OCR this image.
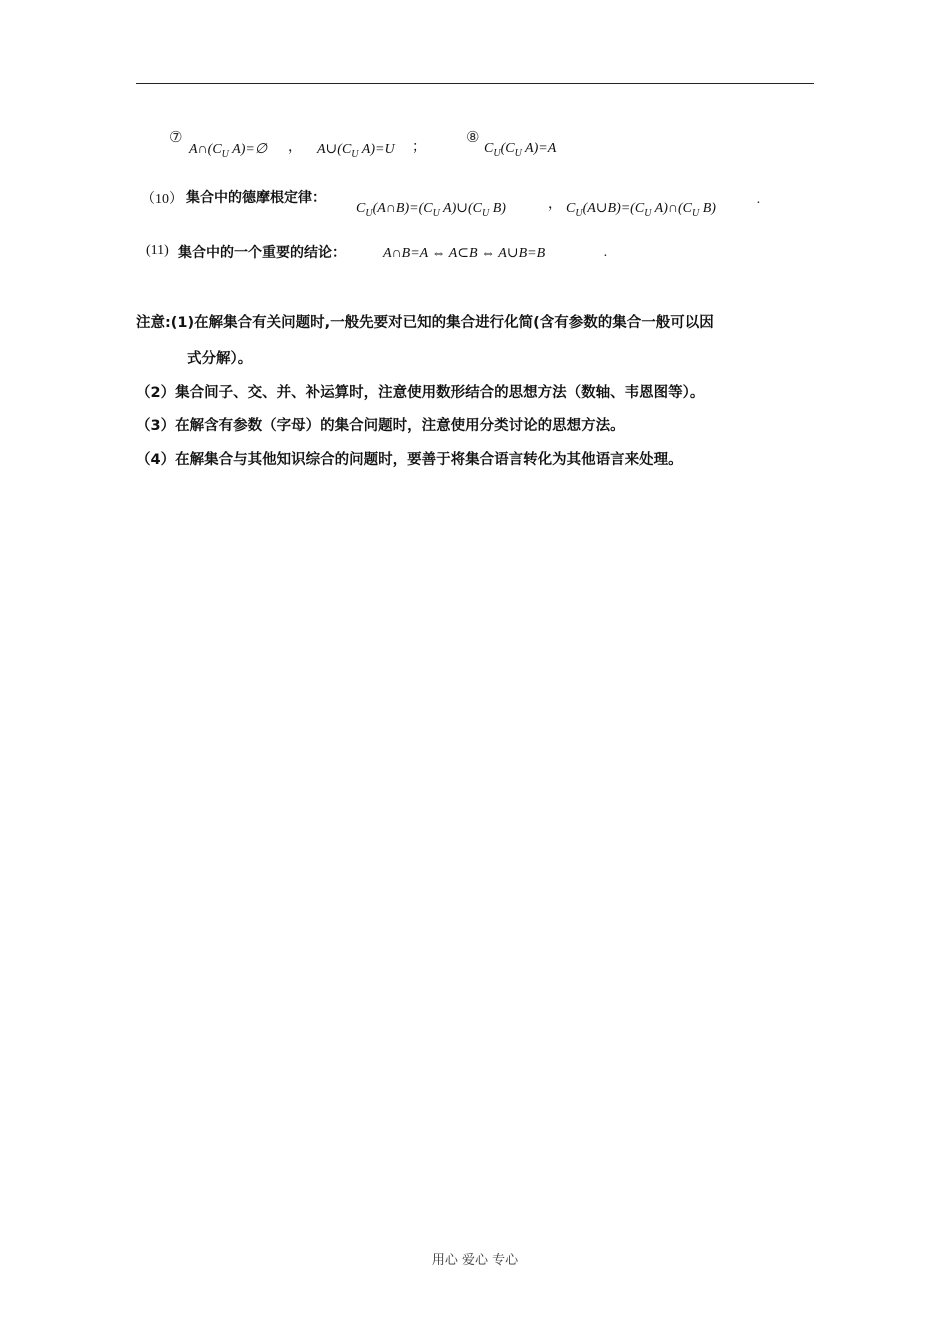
⑦
$A\cap(C_U$ A)=∅ ， $A\cup(C_U$ A)=U ；
⑧
$C_U(C_U$ A)=A
（10） 集合中的德摩根定律：
$C_U(A\cap B)=(C_U$ $A)\cup(C_U$ B)	， $C_U(A\cup B)=(C_U$ $A)\cap(C_U$ B)
.
(11) 集合中的一个重要的结论：	A∩B=A ⇔ A⊂B ⇔ A∪B=B	.
注意:(1)在解集合有关问题时,一般先要对已知的集合进行化简(含有参数的集合一般可以因
式分解）。
（2）集合间子、交、并、补运算时，注意使用数形结合的思想方法（数轴、韦恩图等）。
（3）在解含有参数（字母）的集合问题时，注意使用分类讨论的思想方法。
（4）在解集合与其他知识综合的问题时，要善于将集合语言转化为其他语言来处理。
用心 爱心 专心
